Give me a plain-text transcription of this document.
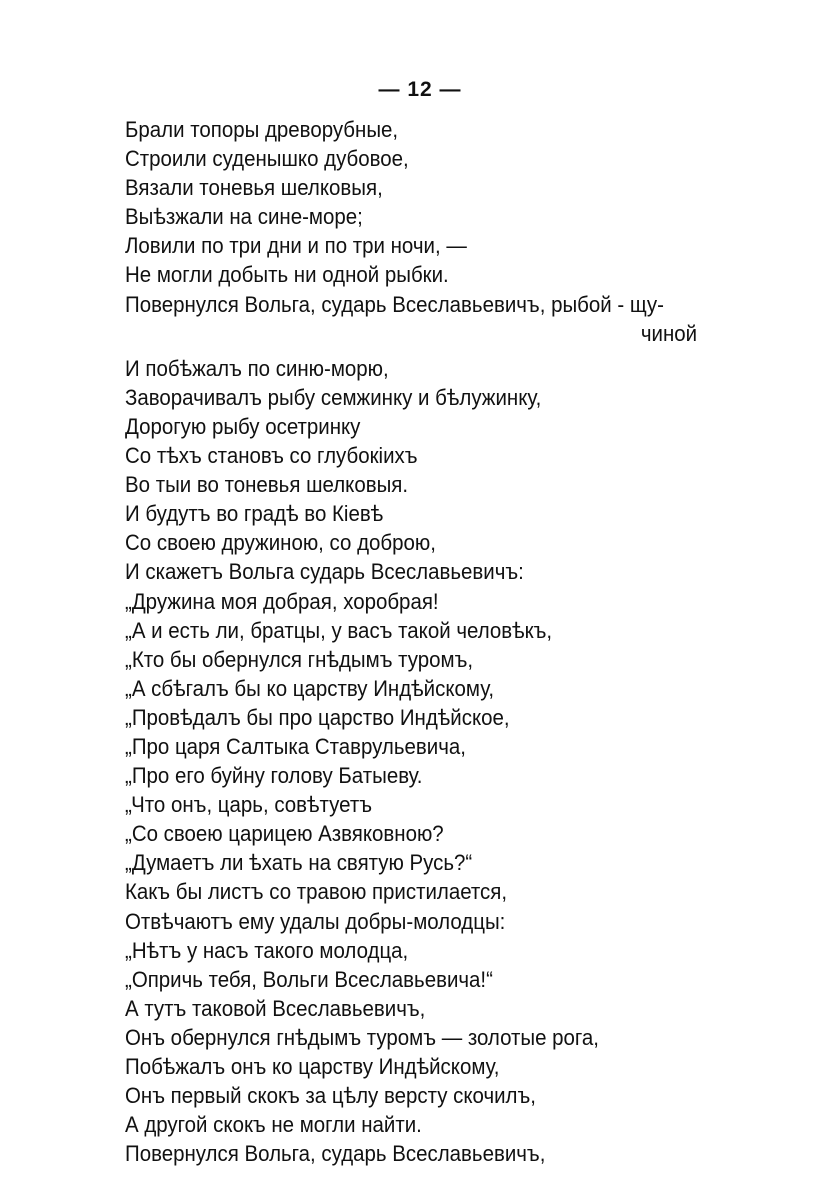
— 12 —
Брали топоры древорубные,
Строили суденышко дубовое,
Вязали тоневья шелковыя,
Выѣзжали на сине-море;
Ловили по три дни и по три ночи, —
Не могли добыть ни одной рыбки.
Повернулся Вольга, сударь Всеславьевичъ, рыбой - щу-
чиной
И побѣжалъ по синю-морю,
Заворачивалъ рыбу семжинку и бѣлужинку,
Дорогую рыбу осетринку
Со тѣхъ становъ со глубокіихъ
Во тыи во тоневья шелковыя.
И будутъ во градѣ во Кіевѣ
Со своею дружиною, со доброю,
И скажетъ Вольга сударь Всеславьевичъ:
„Дружина моя добрая, хоробрая!
„А и есть ли, братцы, у васъ такой человѣкъ,
„Кто бы обернулся гнѣдымъ туромъ,
„А сбѣгалъ бы ко царству Индѣйскому,
„Провѣдалъ бы про царство Индѣйское,
„Про царя Салтыка Ставрульевича,
„Про его буйну голову Батыеву.
„Что онъ, царь, совѣтуетъ
„Со своею царицею Азвяковною?
„Думаетъ ли ѣхать на святую Русь?“
Какъ бы листъ со травою пристилается,
Отвѣчаютъ ему удалы добры-молодцы:
„Нѣтъ у насъ такого молодца,
„Опричь тебя, Вольги Всеславьевича!“
А тутъ таковой Всеславьевичъ,
Онъ обернулся гнѣдымъ туромъ — золотые рога,
Побѣжалъ онъ ко царству Индѣйскому,
Онъ первый скокъ за цѣлу версту скочилъ,
А другой скокъ не могли найти.
Повернулся Вольга, сударь Всеславьевичъ,
